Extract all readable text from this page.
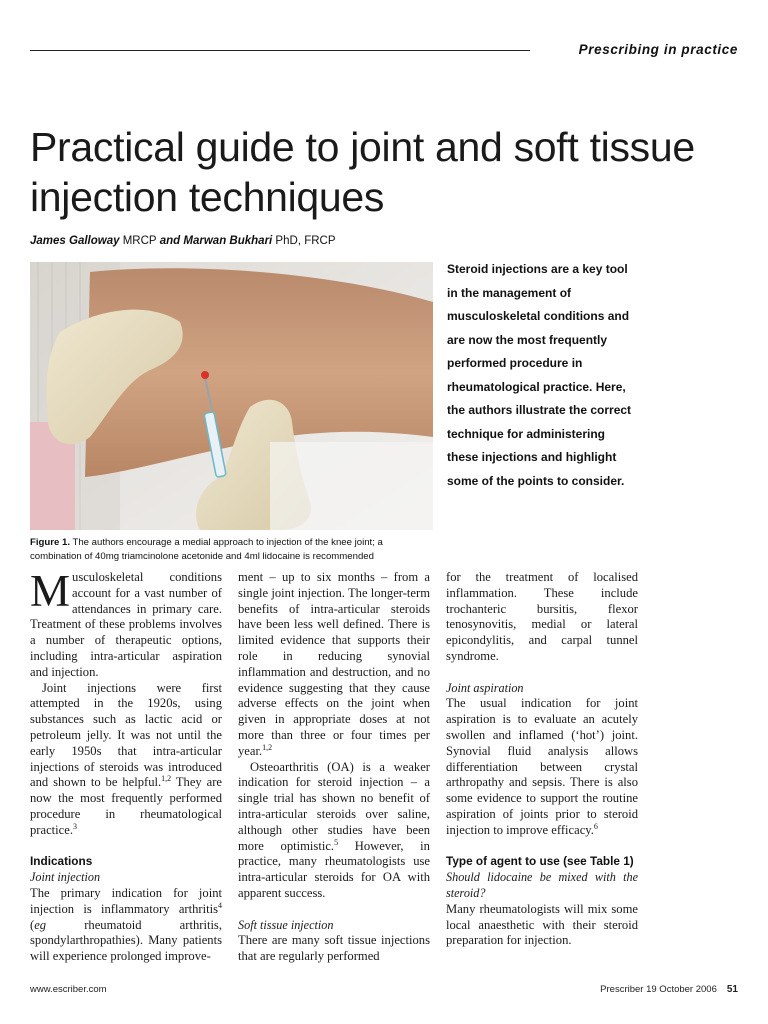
Prescribing in practice
Practical guide to joint and soft tissue injection techniques
James Galloway MRCP and Marwan Bukhari PhD, FRCP
Figure 1. The authors encourage a medial approach to injection of the knee joint; a combination of 40mg triamcinolone acetonide and 4ml lidocaine is recommended
Steroid injections are a key tool in the management of musculoskeletal conditions and are now the most frequently performed procedure in rheumatological practice. Here, the authors illustrate the correct technique for administering these injections and highlight some of the points to consider.

Musculoskeletal conditions account for a vast number of attendances in primary care. Treatment of these problems involves a number of therapeutic options, including intra-articular aspiration and injection.

Joint injections were first attempted in the 1920s, using substances such as lactic acid or petroleum jelly. It was not until the early 1950s that intra-articular injections of steroids was introduced and shown to be helpful.$^{1,2}$ They are now the most frequently performed procedure in rheumatological practice.$^3$

Indications

Joint injection

The primary indication for joint injection is inflammatory arthritis$^4$ (eg rheumatoid arthritis, spondylarthropathies). Many patients will experience prolonged improve-

ment – up to six months – from a single joint injection. The longer-term benefits of intra-articular steroids have been less well defined. There is limited evidence that supports their role in reducing synovial inflammation and destruction, and no evidence suggesting that they cause adverse effects on the joint when given in appropriate doses at not more than three or four times per year.$^{1,2}$

Osteoarthritis (OA) is a weaker indication for steroid injection – a single trial has shown no benefit of intra-articular steroids over saline, although other studies have been more optimistic.$^5$ However, in practice, many rheumatologists use intra-articular steroids for OA with apparent success.

Soft tissue injection

There are many soft tissue injections that are regularly performed

for the treatment of localised inflammation. These include trochanteric bursitis, flexor tenosynovitis, medial or lateral epicondylitis, and carpal tunnel syndrome.

Joint aspiration

The usual indication for joint aspiration is to evaluate an acutely swollen and inflamed (‘hot’) joint. Synovial fluid analysis allows differentiation between crystal arthropathy and sepsis. There is also some evidence to support the routine aspiration of joints prior to steroid injection to improve efficacy.$^6$

Type of agent to use (see Table 1)

Should lidocaine be mixed with the steroid?

Many rheumatologists will mix some local anaesthetic with their steroid preparation for injection.

www.escriber.com	Prescriber 19 October 2006 51
